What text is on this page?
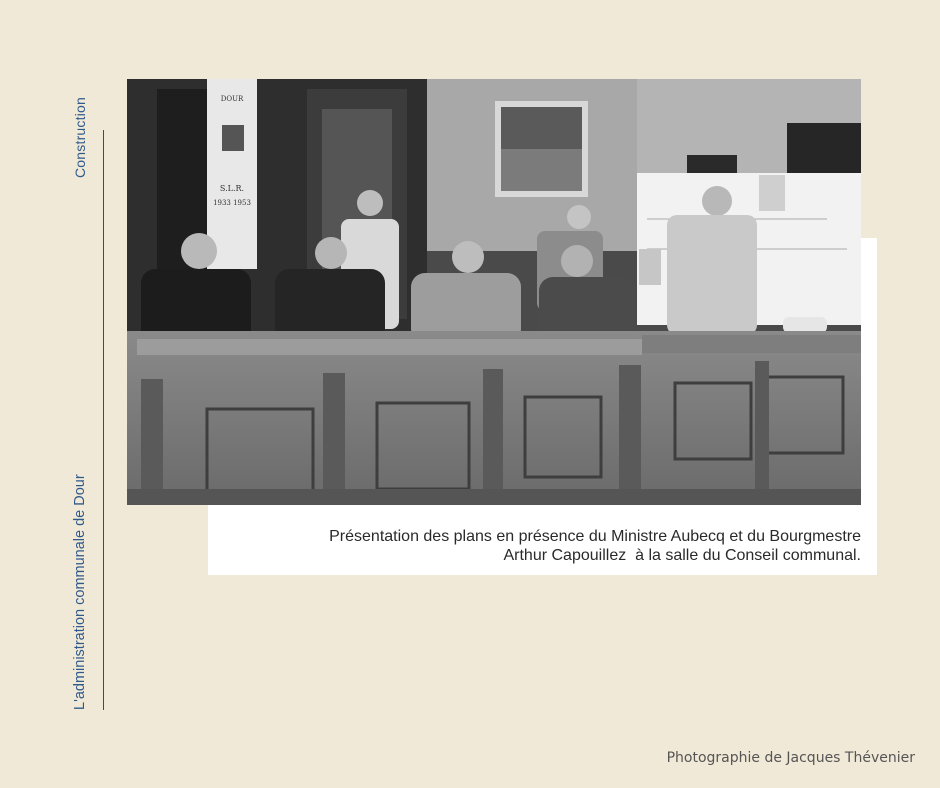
Construction
L'administration communale de Dour
DOUR
S.L.R.
1933 1953
Présentation des plans en présence du Ministre Aubecq et du Bourgmestre
Arthur Capouillez  à la salle du Conseil communal.
Photographie de Jacques Thévenier
